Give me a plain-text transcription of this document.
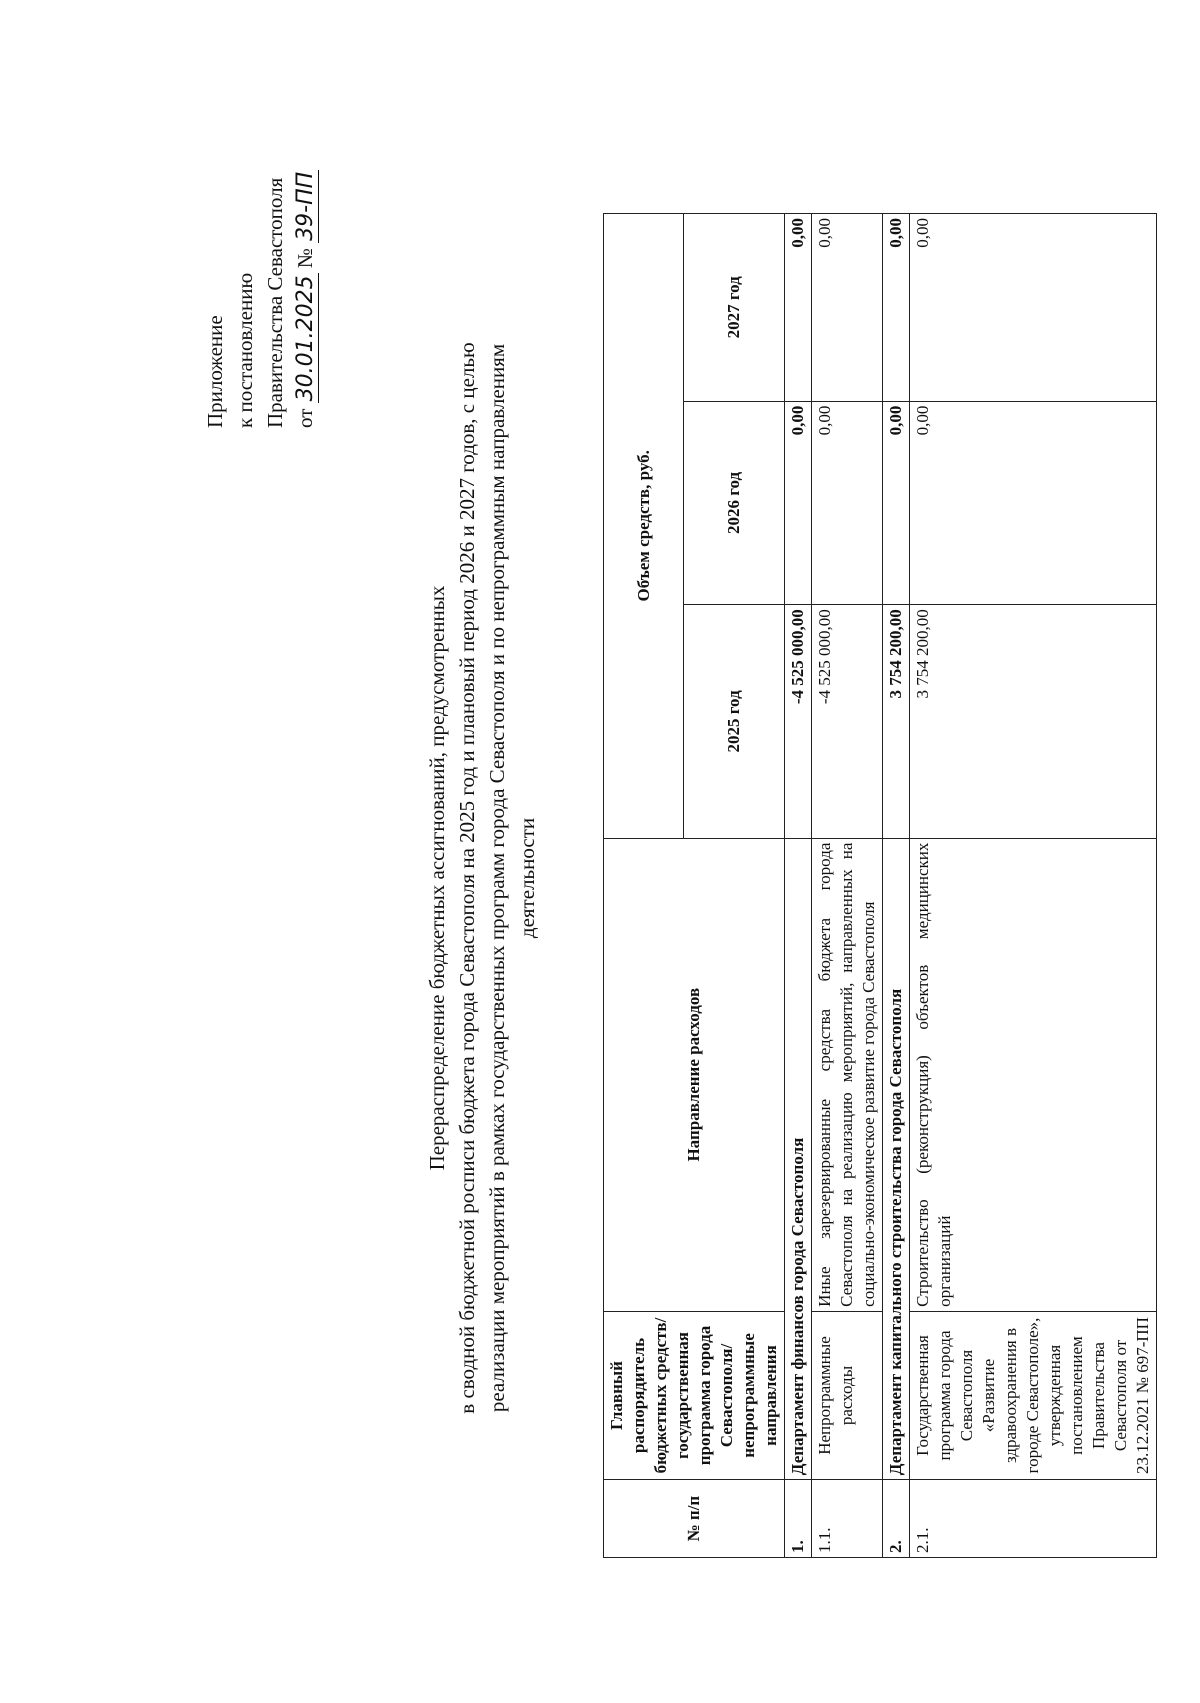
Приложение к постановлению Правительства Севастополя от 30.01.2025 № 39-ПП
Перераспределение бюджетных ассигнований, предусмотренных в сводной бюджетной росписи бюджета города Севастополя на 2025 год и плановый период 2026 и 2027 годов, с целью реализации мероприятий в рамках государственных программ города Севастополя и по непрограммным направлениям деятельности
№ п/п	Главный распорядитель бюджетных средств/государственная программа города Севастополя/непрограммные направления	Направление расходов	Объем средств, руб.		
			2025 год	2026 год	2027 год
1.	Департамент финансов города Севастополя		-4 525 000,00	0,00	0,00
1.1.	Непрограммные расходы	Иные зарезервированные средства бюджета города Севастополя на реализацию мероприятий, направленных на социально-экономическое развитие города Севастополя	-4 525 000,00	0,00	0,00
2.	Департамент капитального строительства города Севастополя		3 754 200,00	0,00	0,00
2.1.	Государственная программа города Севастополя «Развитие здравоохранения в городе Севастополе», утвержденная постановлением Правительства Севастополя от 23.12.2021 № 697-ПП	Строительство (реконструкция) объектов медицинских организаций	3 754 200,00	0,00	0,00
